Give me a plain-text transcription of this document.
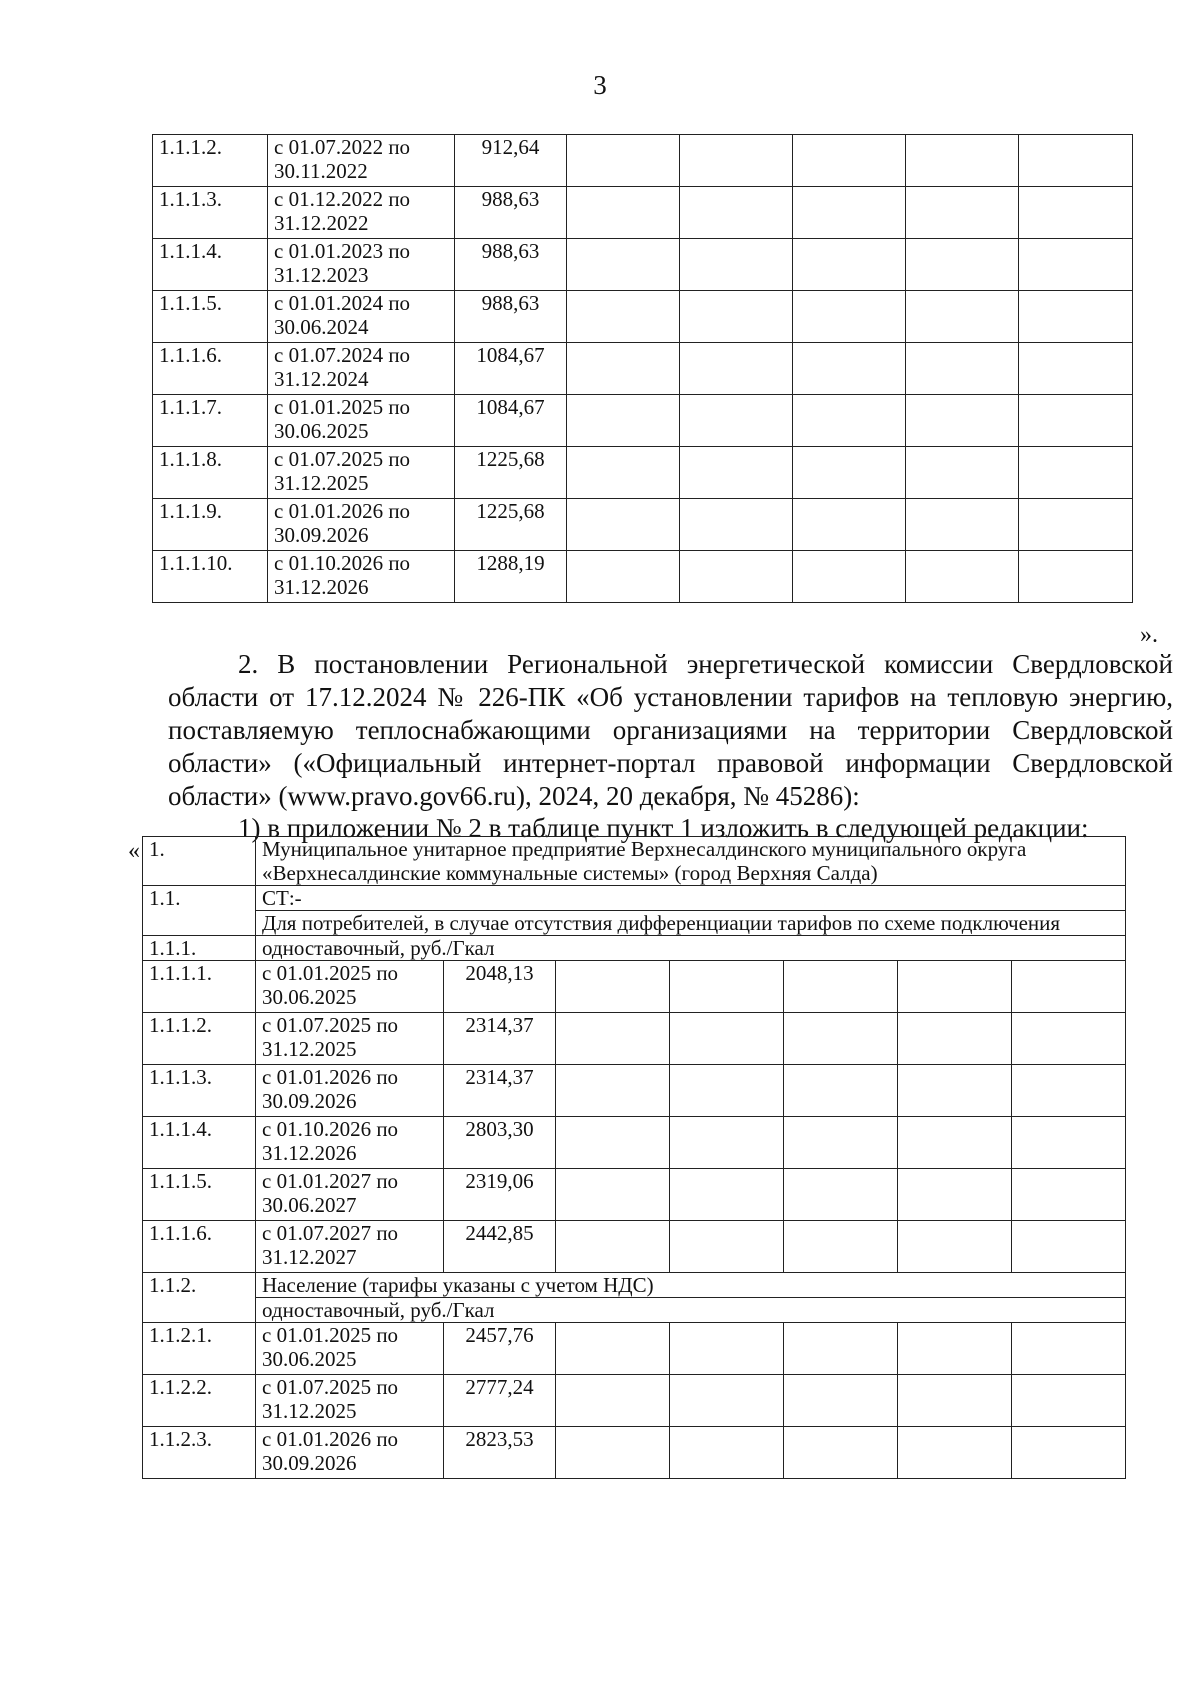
3
1.1.1.2.	с 01.07.2022 по 30.11.2022	912,64					
1.1.1.3.	с 01.12.2022 по 31.12.2022	988,63					
1.1.1.4.	с 01.01.2023 по 31.12.2023	988,63					
1.1.1.5.	с 01.01.2024 по 30.06.2024	988,63					
1.1.1.6.	с 01.07.2024 по 31.12.2024	1084,67					
1.1.1.7.	с 01.01.2025 по 30.06.2025	1084,67					
1.1.1.8.	с 01.07.2025 по 31.12.2025	1225,68					
1.1.1.9.	с 01.01.2026 по 30.09.2026	1225,68					
1.1.1.10.	с 01.10.2026 по 31.12.2026	1288,19					
».
2. В постановлении Региональной энергетической комиссии Свердловской области от 17.12.2024 № 226-ПК «Об установлении тарифов на тепловую энергию, поставляемую теплоснабжающими организациями на территории Свердловской области» («Официальный интернет-портал правовой информации Свердловской области» (www.pravo.gov66.ru), 2024, 20 декабря, № 45286):
1) в приложении № 2 в таблице пункт 1 изложить в следующей редакции:
« 1.	Муниципальное унитарное предприятие Верхнесалдинского муниципального округа «Верхнесалдинские коммунальные системы» (город Верхняя Салда)						
1.1.	СТ:-						
	Для потребителей, в случае отсутствия дифференциации тарифов по схеме подключения						
1.1.1.	одноставочный, руб./Гкал						
1.1.1.1.	с 01.01.2025 по 30.06.2025	2048,13					
1.1.1.2.	с 01.07.2025 по 31.12.2025	2314,37					
1.1.1.3.	с 01.01.2026 по 30.09.2026	2314,37					
1.1.1.4.	с 01.10.2026 по 31.12.2026	2803,30					
1.1.1.5.	с 01.01.2027 по 30.06.2027	2319,06					
1.1.1.6.	с 01.07.2027 по 31.12.2027	2442,85					
1.1.2.	Население (тарифы указаны с учетом НДС)						
	одноставочный, руб./Гкал						
1.1.2.1.	с 01.01.2025 по 30.06.2025	2457,76					
1.1.2.2.	с 01.07.2025 по 31.12.2025	2777,24					
1.1.2.3.	с 01.01.2026 по 30.09.2026	2823,53					
